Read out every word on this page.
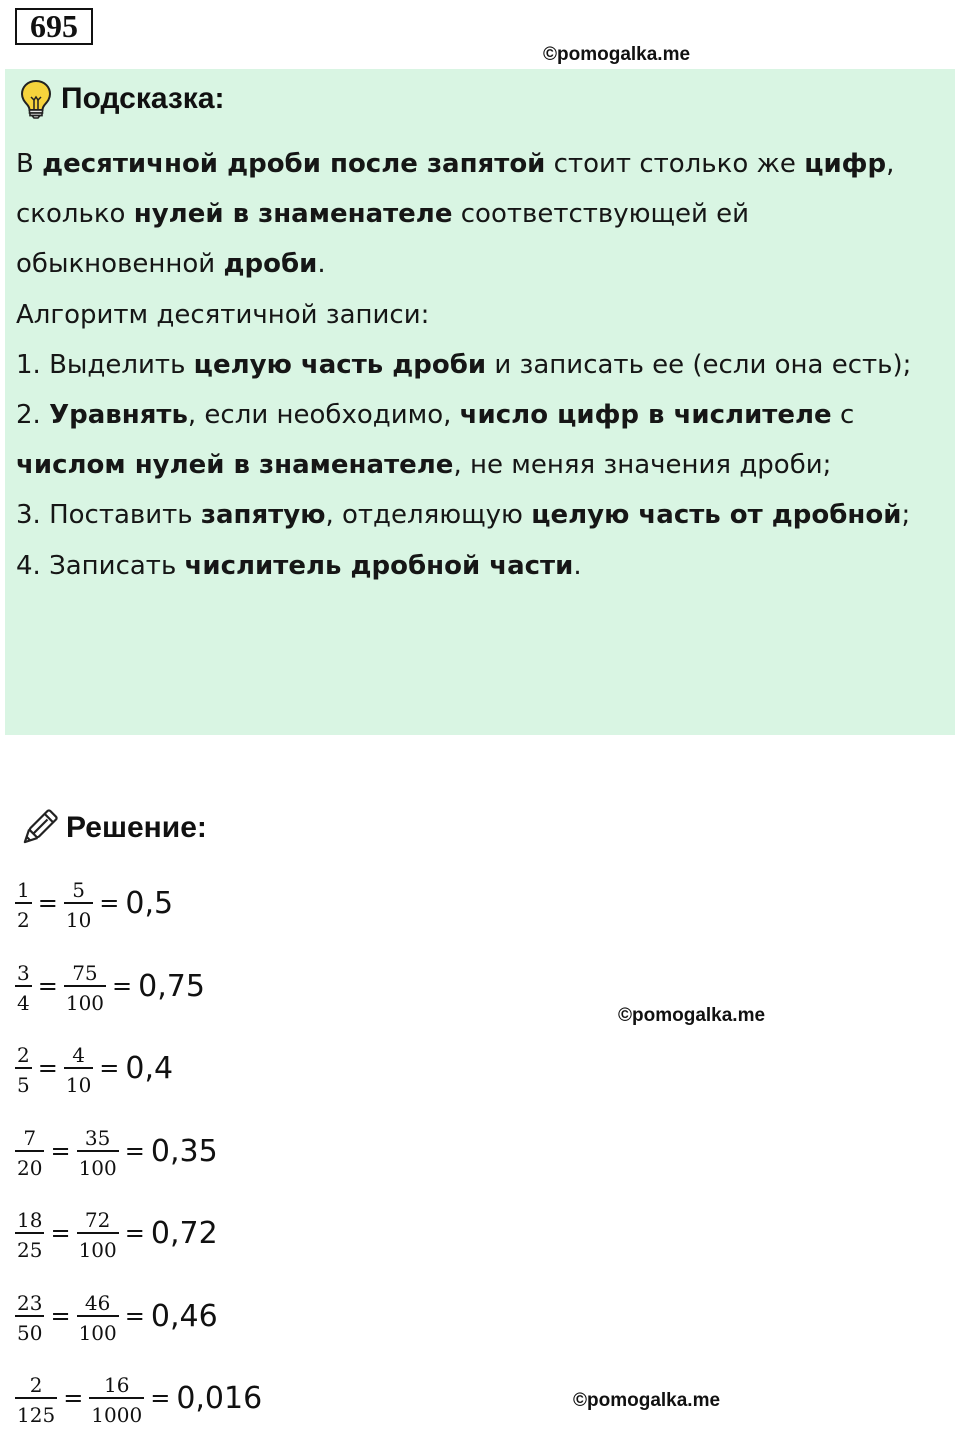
695
©pomogalka.me
©pomogalka.me
©pomogalka.me
Подсказка:

В десятичной дроби после запятой стоит столько же цифр, сколько нулей в знаменателе соответствующей ей обыкновенной дроби.

Алгоритм десятичной записи:

1. Выделить целую часть дроби и записать ее (если она есть);

2. Уравнять, если необходимо, число цифр в числителе с числом нулей в знаменателе, не меняя значения дроби;

3. Поставить запятую, отделяющую целую часть от дробной;

4. Записать числитель дробной части.

Решение:
$\frac{1}{2} = \frac{5}{10} = 0,5$
$\frac{3}{4} = \frac{75}{100} = 0,75$
$\frac{2}{5} = \frac{4}{10} = 0,4$
$\frac{7}{20} = \frac{35}{100} = 0,35$
$\frac{18}{25} = \frac{72}{100} = 0,72$
$\frac{23}{50} = \frac{46}{100} = 0,46$
$\frac{2}{125} = \frac{16}{1000} = 0,016$
